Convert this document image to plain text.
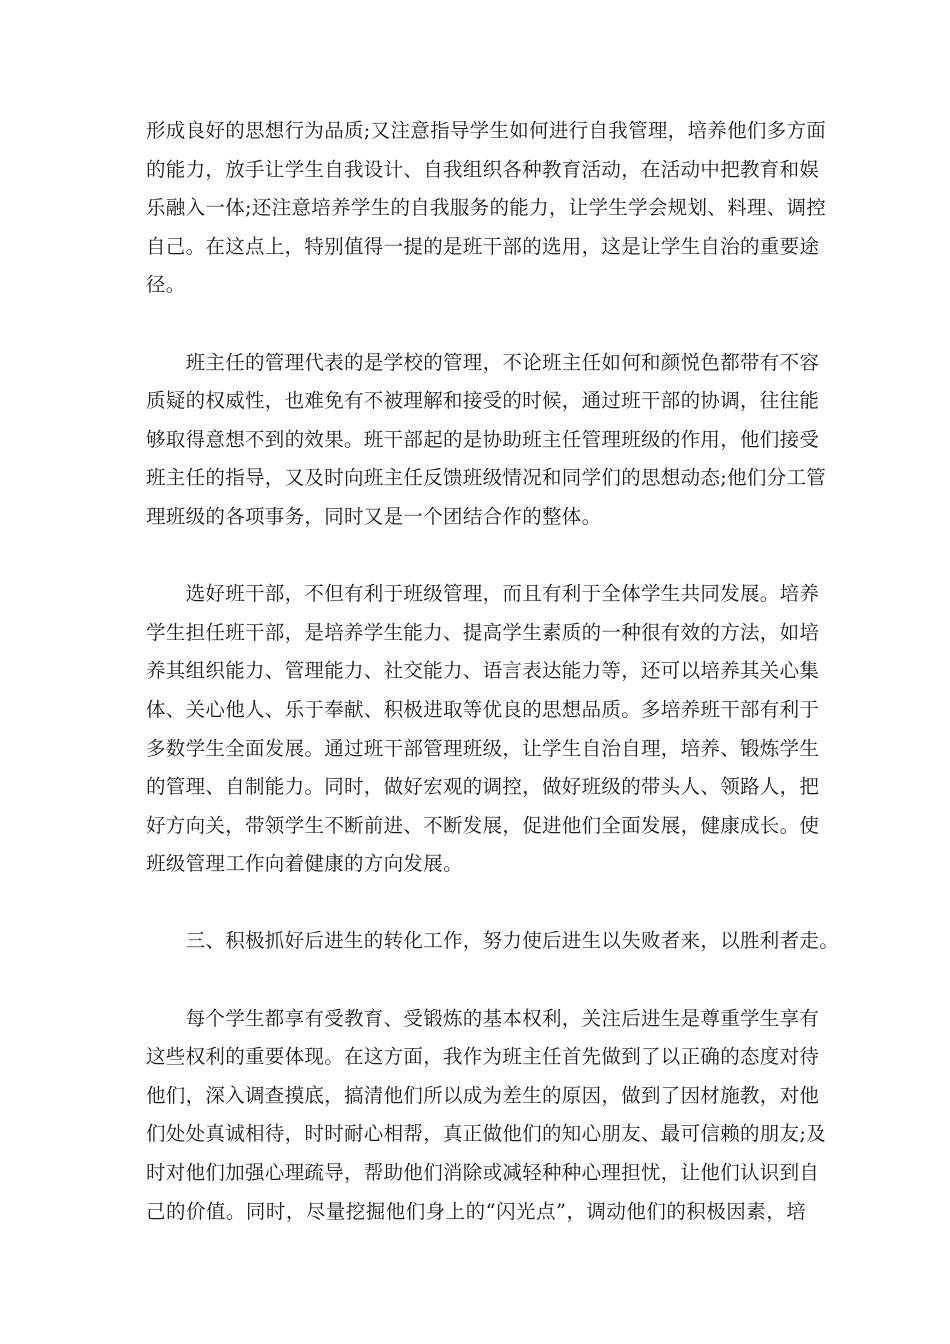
形成良好的思想行为品质;又注意指导学生如何进行自我管理，培养他们多方面
的能力，放手让学生自我设计、自我组织各种教育活动，在活动中把教育和娱
乐融入一体;还注意培养学生的自我服务的能力，让学生学会规划、料理、调控
自己。在这点上，特别值得一提的是班干部的选用，这是让学生自治的重要途
径。
　　班主任的管理代表的是学校的管理，不论班主任如何和颜悦色都带有不容
质疑的权威性，也难免有不被理解和接受的时候，通过班干部的协调，往往能
够取得意想不到的效果。班干部起的是协助班主任管理班级的作用，他们接受
班主任的指导，又及时向班主任反馈班级情况和同学们的思想动态;他们分工管
理班级的各项事务，同时又是一个团结合作的整体。
　　选好班干部，不但有利于班级管理，而且有利于全体学生共同发展。培养
学生担任班干部，是培养学生能力、提高学生素质的一种很有效的方法，如培
养其组织能力、管理能力、社交能力、语言表达能力等，还可以培养其关心集
体、关心他人、乐于奉献、积极进取等优良的思想品质。多培养班干部有利于
多数学生全面发展。通过班干部管理班级，让学生自治自理，培养、锻炼学生
的管理、自制能力。同时，做好宏观的调控，做好班级的带头人、领路人，把
好方向关，带领学生不断前进、不断发展，促进他们全面发展，健康成长。使
班级管理工作向着健康的方向发展。
　　三、积极抓好后进生的转化工作，努力使后进生以失败者来，以胜利者走。
　　每个学生都享有受教育、受锻炼的基本权利，关注后进生是尊重学生享有
这些权利的重要体现。在这方面，我作为班主任首先做到了以正确的态度对待
他们，深入调查摸底，搞清他们所以成为差生的原因，做到了因材施教，对他
们处处真诚相待，时时耐心相帮，真正做他们的知心朋友、最可信赖的朋友;及
时对他们加强心理疏导，帮助他们消除或减轻种种心理担忧，让他们认识到自
己的价值。同时，尽量挖掘他们身上的“闪光点”，调动他们的积极因素，培
